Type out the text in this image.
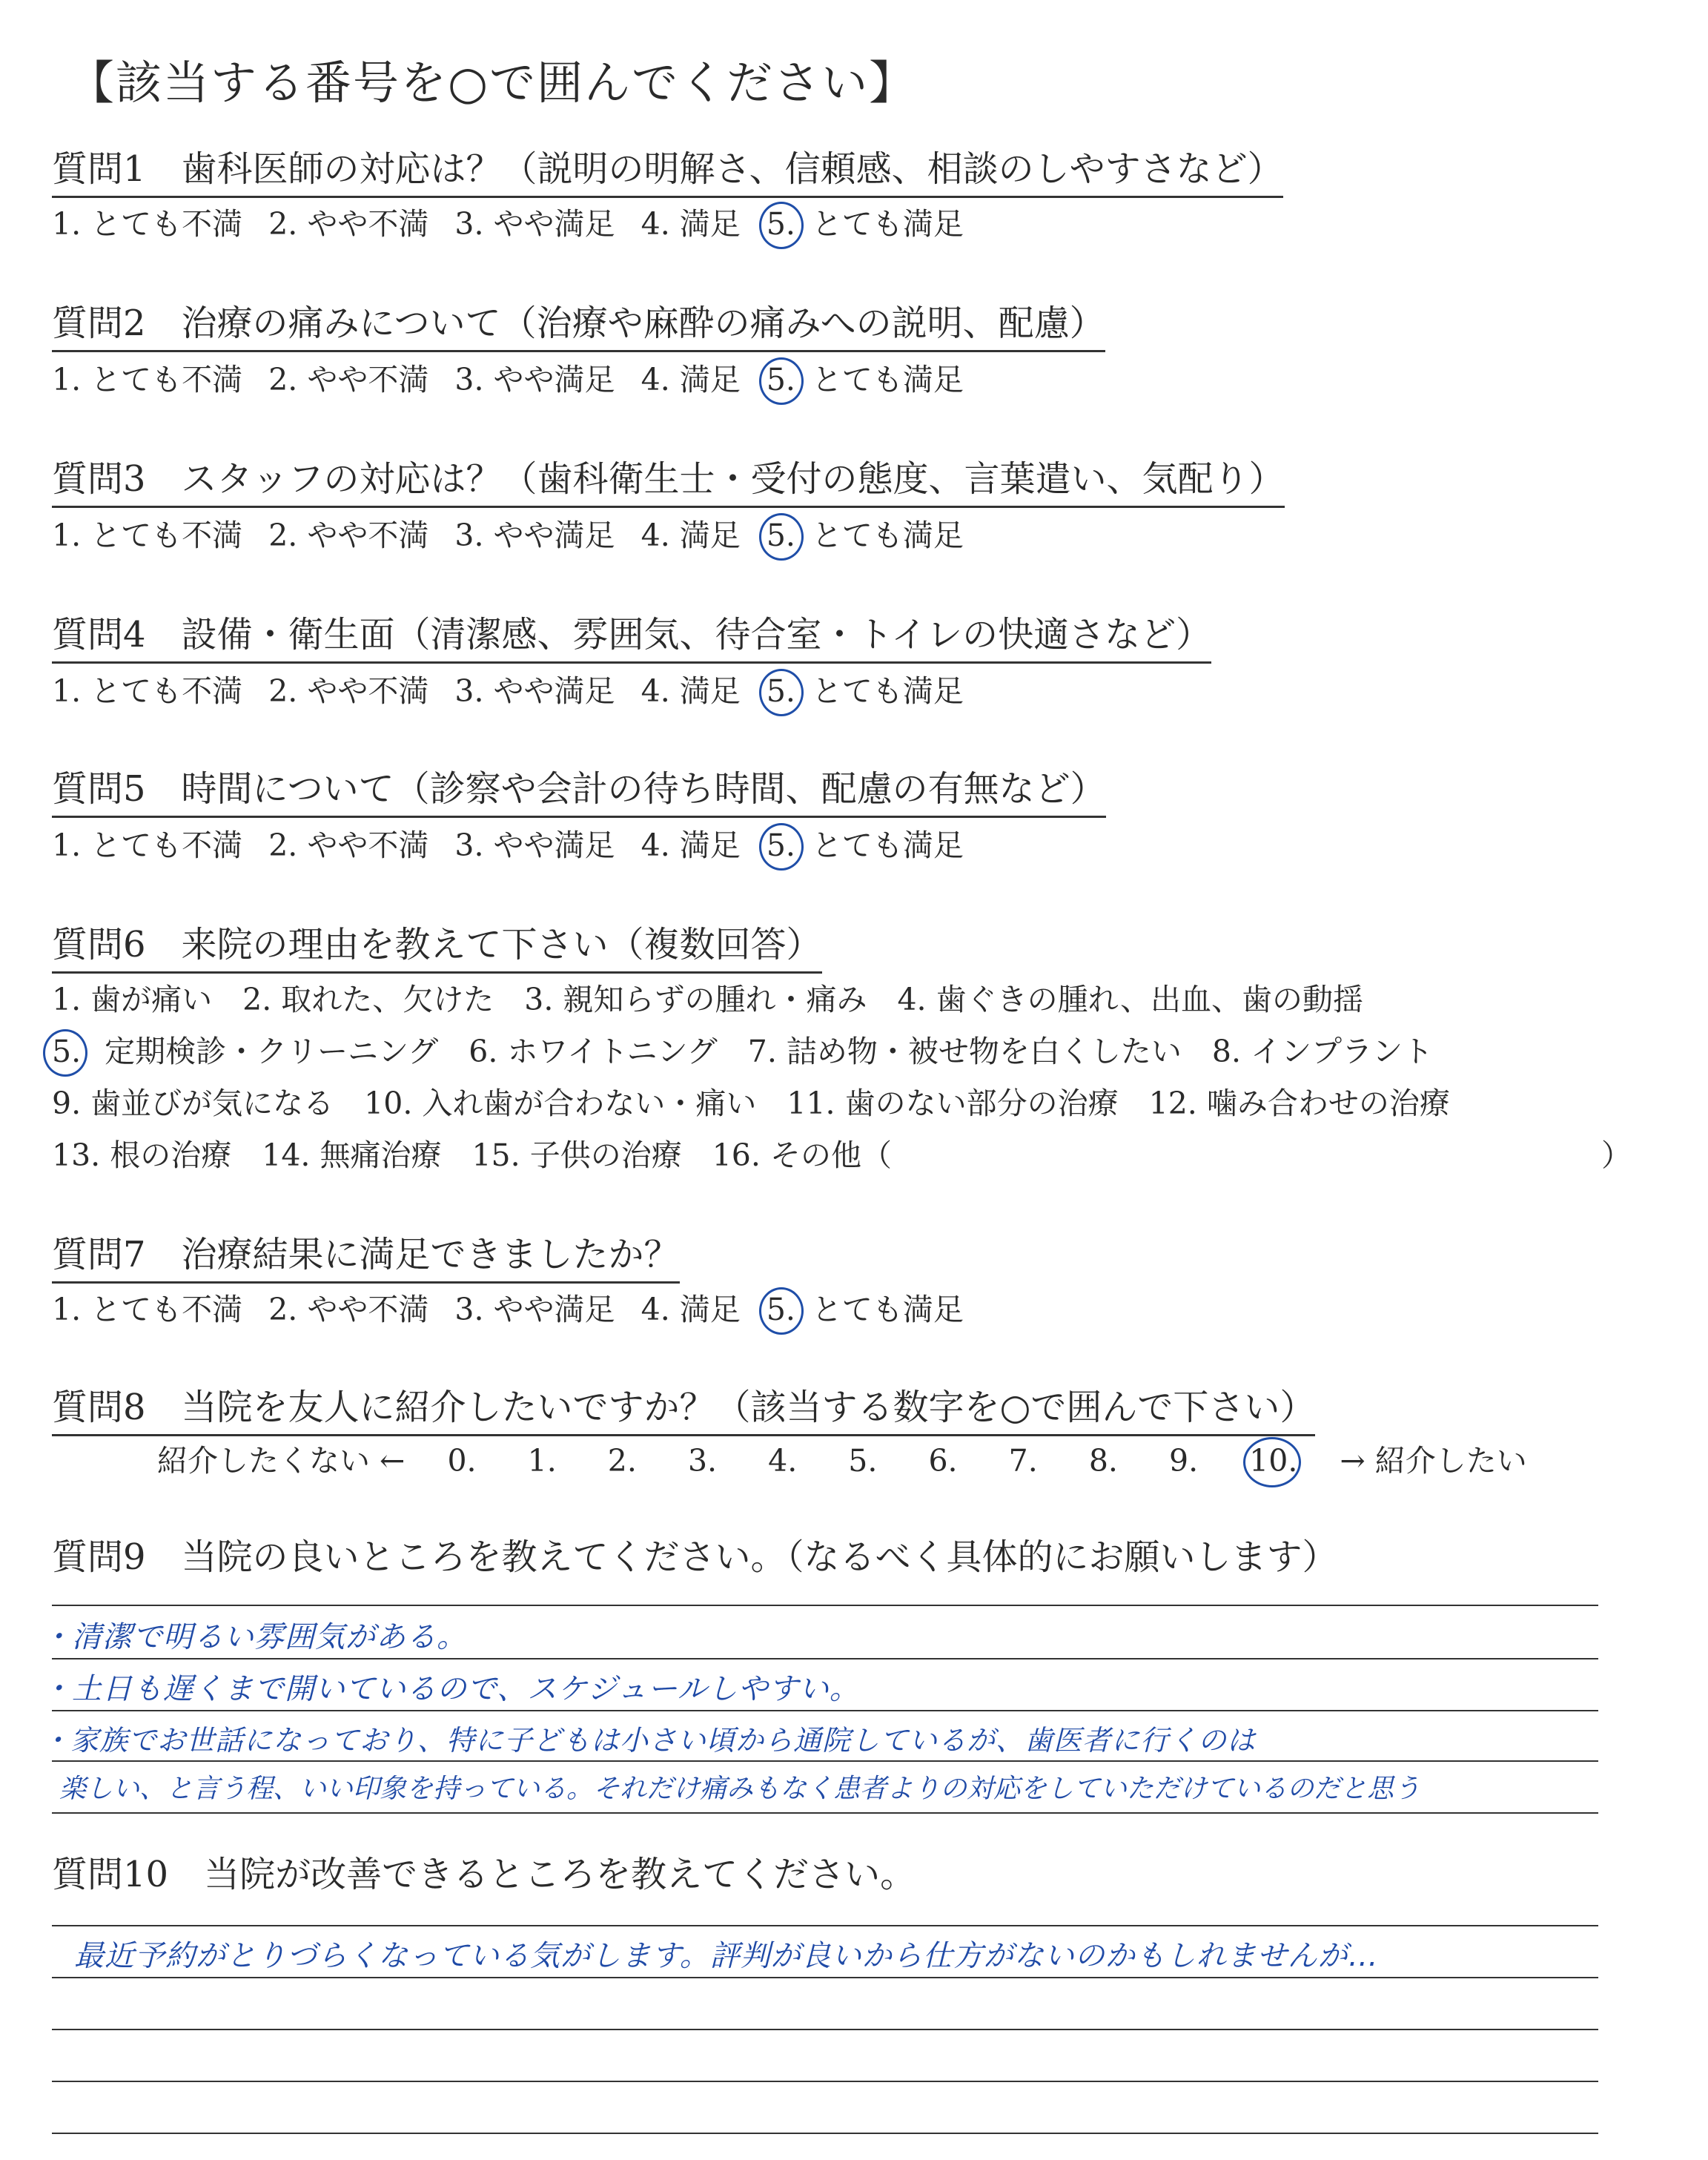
【該当する番号を○で囲んでください】
質問1　歯科医師の対応は？（説明の明解さ、信頼感、相談のしやすさなど）
1. とても不満 2. やや不満 3. やや満足 4. 満足 5. とても満足
質問2　治療の痛みについて（治療や麻酔の痛みへの説明、配慮）
1. とても不満 2. やや不満 3. やや満足 4. 満足 5. とても満足
質問3　スタッフの対応は？（歯科衛生士・受付の態度、言葉遣い、気配り）
1. とても不満 2. やや不満 3. やや満足 4. 満足 5. とても満足
質問4　設備・衛生面（清潔感、雰囲気、待合室・トイレの快適さなど）
1. とても不満 2. やや不満 3. やや満足 4. 満足 5. とても満足
質問5　時間について（診察や会計の待ち時間、配慮の有無など）
1. とても不満 2. やや不満 3. やや満足 4. 満足 5. とても満足
質問6　来院の理由を教えて下さい（複数回答）
1. 歯が痛い　2. 取れた、欠けた　3. 親知らずの腫れ・痛み　4. 歯ぐきの腫れ、出血、歯の動揺
5. 定期検診・クリーニング　6. ホワイトニング　7. 詰め物・被せ物を白くしたい　8. インプラント
9. 歯並びが気になる　10. 入れ歯が合わない・痛い　11. 歯のない部分の治療　12. 噛み合わせの治療
13. 根の治療　14. 無痛治療　15. 子供の治療　16. その他（	）
質問7　治療結果に満足できましたか？
1. とても不満 2. やや不満 3. やや満足 4. 満足 5. とても満足
質問8　当院を友人に紹介したいですか？（該当する数字を○で囲んで下さい）
紹介したくない ← 0. 1. 2. 3. 4. 5. 6. 7. 8. 9. 10. → 紹介したい
質問9　当院の良いところを教えてください。（なるべく具体的にお願いします）
・清潔で明るい雰囲気がある。
・土日も遅くまで開いているので、スケジュールしやすい。
・家族でお世話になっており、特に子どもは小さい頃から通院しているが、歯医者に行くのは
楽しい、と言う程、いい印象を持っている。それだけ痛みもなく患者よりの対応をしていただけているのだと思う
質問10　当院が改善できるところを教えてください。
最近予約がとりづらくなっている気がします。評判が良いから仕方がないのかもしれませんが…
